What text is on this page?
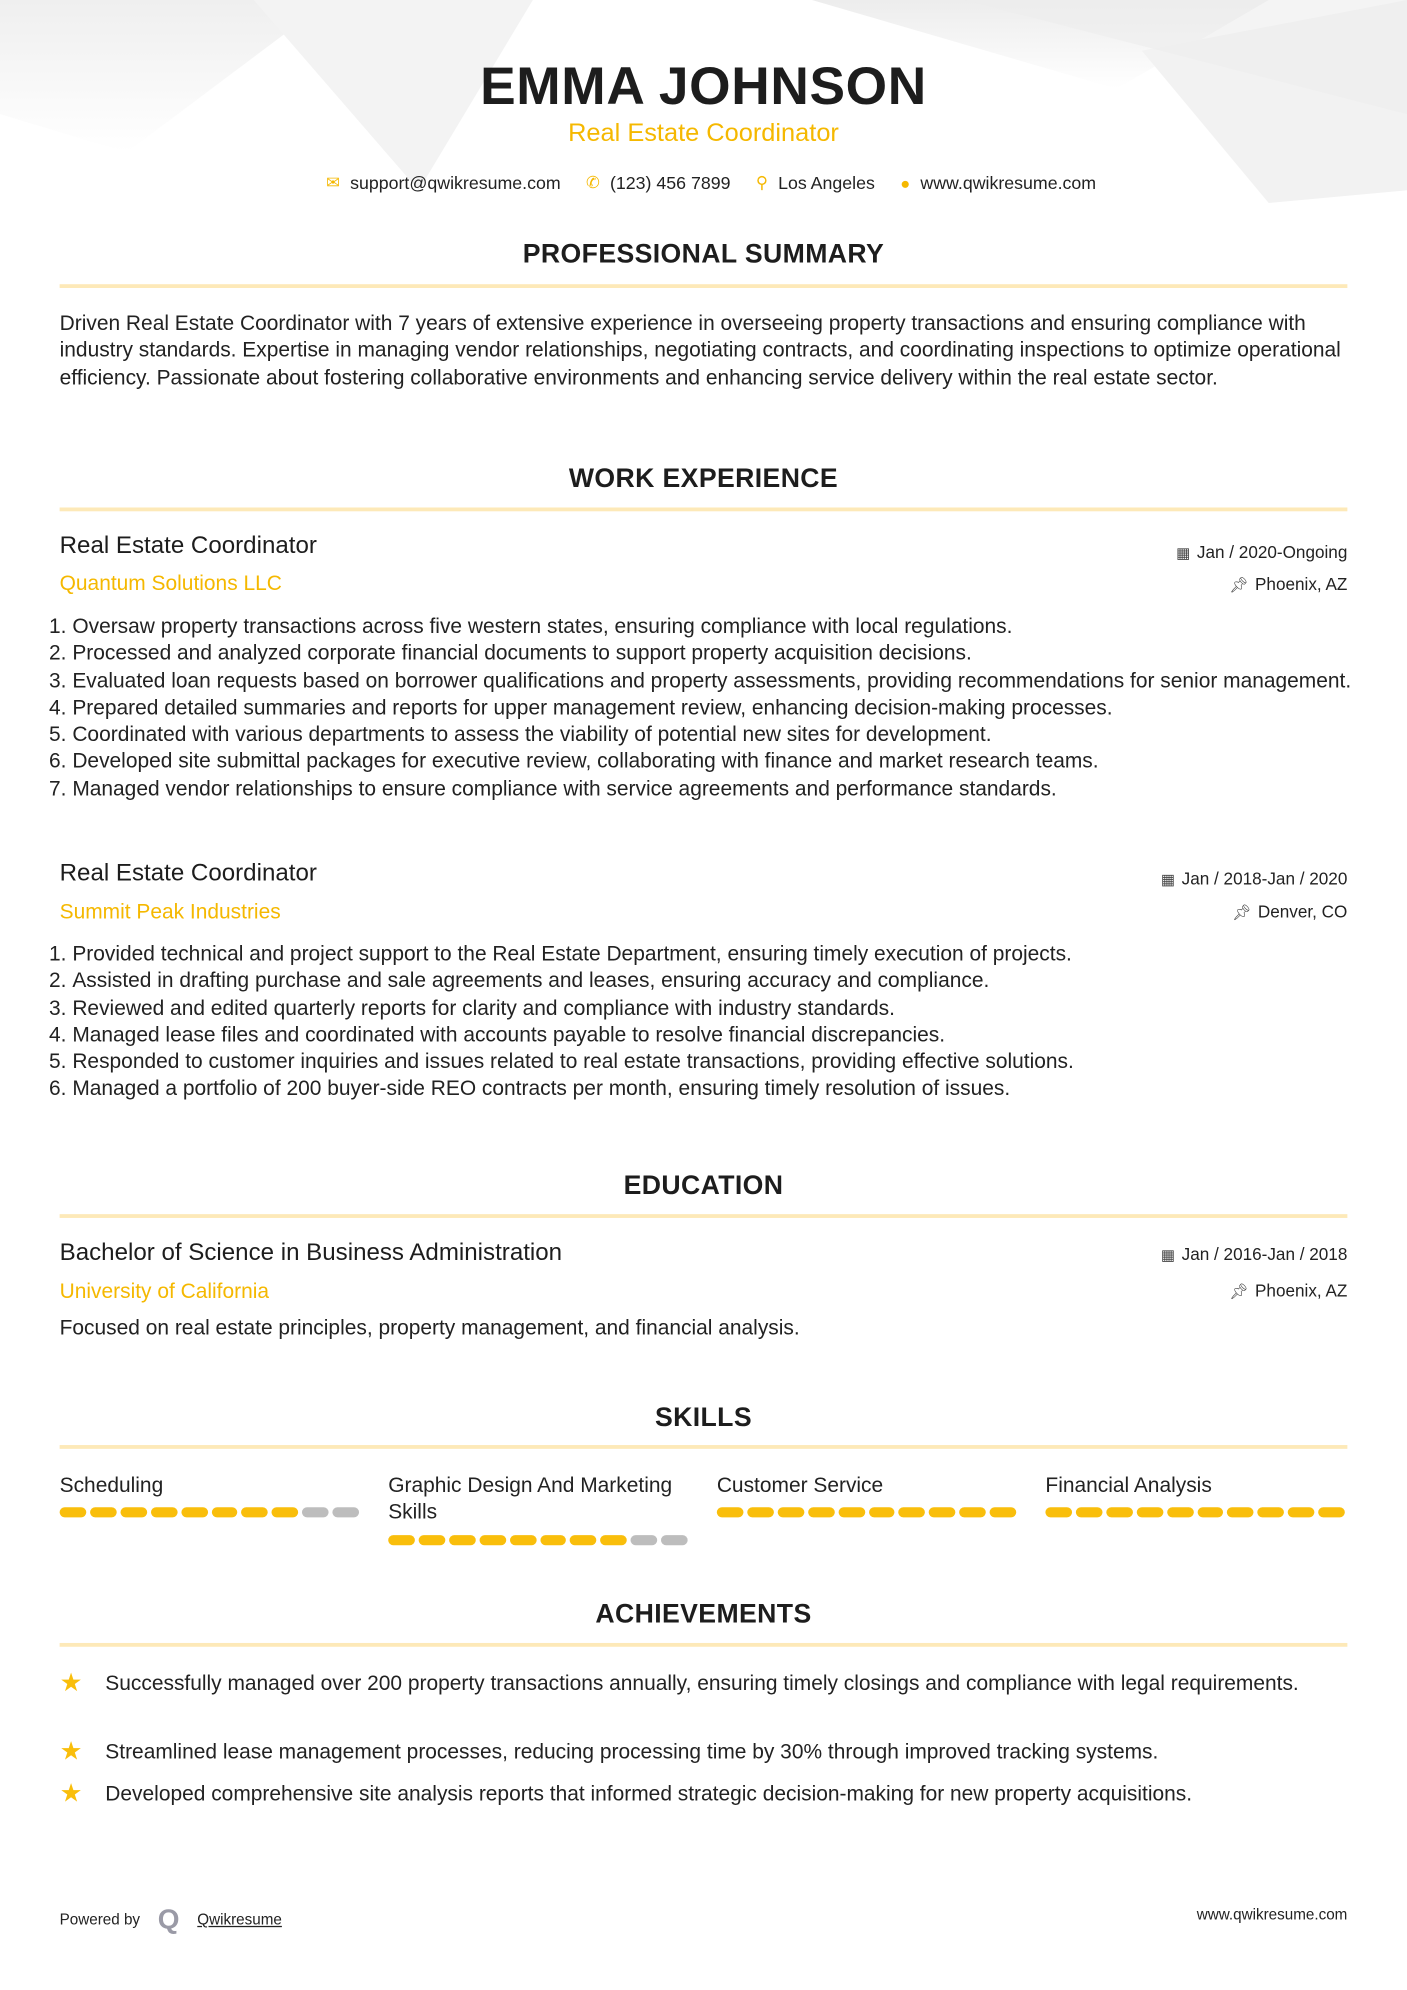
EMMA JOHNSON
Real Estate Coordinator
✉ support@qwikresume.com ✆ (123) 456 7899 ⚲ Los Angeles ● www.qwikresume.com
PROFESSIONAL SUMMARY
Driven Real Estate Coordinator with 7 years of extensive experience in overseeing property transactions and ensuring compliance with industry standards. Expertise in managing vendor relationships, negotiating contracts, and coordinating inspections to optimize operational efficiency. Passionate about fostering collaborative environments and enhancing service delivery within the real estate sector.
WORK EXPERIENCE
Real Estate Coordinator	▦ Jan / 2020-Ongoing
Quantum Solutions LLC	📌︎ Phoenix, AZ
1. Oversaw property transactions across five western states, ensuring compliance with local regulations.
2. Processed and analyzed corporate financial documents to support property acquisition decisions.
3. Evaluated loan requests based on borrower qualifications and property assessments, providing recommendations for senior management.
4. Prepared detailed summaries and reports for upper management review, enhancing decision-making processes.
5. Coordinated with various departments to assess the viability of potential new sites for development.
6. Developed site submittal packages for executive review, collaborating with finance and market research teams.
7. Managed vendor relationships to ensure compliance with service agreements and performance standards.
Real Estate Coordinator	▦ Jan / 2018-Jan / 2020
Summit Peak Industries	📌︎ Denver, CO
1. Provided technical and project support to the Real Estate Department, ensuring timely execution of projects.
2. Assisted in drafting purchase and sale agreements and leases, ensuring accuracy and compliance.
3. Reviewed and edited quarterly reports for clarity and compliance with industry standards.
4. Managed lease files and coordinated with accounts payable to resolve financial discrepancies.
5. Responded to customer inquiries and issues related to real estate transactions, providing effective solutions.
6. Managed a portfolio of 200 buyer-side REO contracts per month, ensuring timely resolution of issues.
EDUCATION
Bachelor of Science in Business Administration	▦ Jan / 2016-Jan / 2018
University of California	📌︎ Phoenix, AZ
Focused on real estate principles, property management, and financial analysis.
SKILLS
Scheduling	Graphic Design And Marketing Skills
Customer Service	Financial Analysis
ACHIEVEMENTS
★	Successfully managed over 200 property transactions annually, ensuring timely closings and compliance with legal requirements.
★	Streamlined lease management processes, reducing processing time by 30% through improved tracking systems.
★	Developed comprehensive site analysis reports that informed strategic decision-making for new property acquisitions.
Powered by Q Qwikresume	www.qwikresume.com
